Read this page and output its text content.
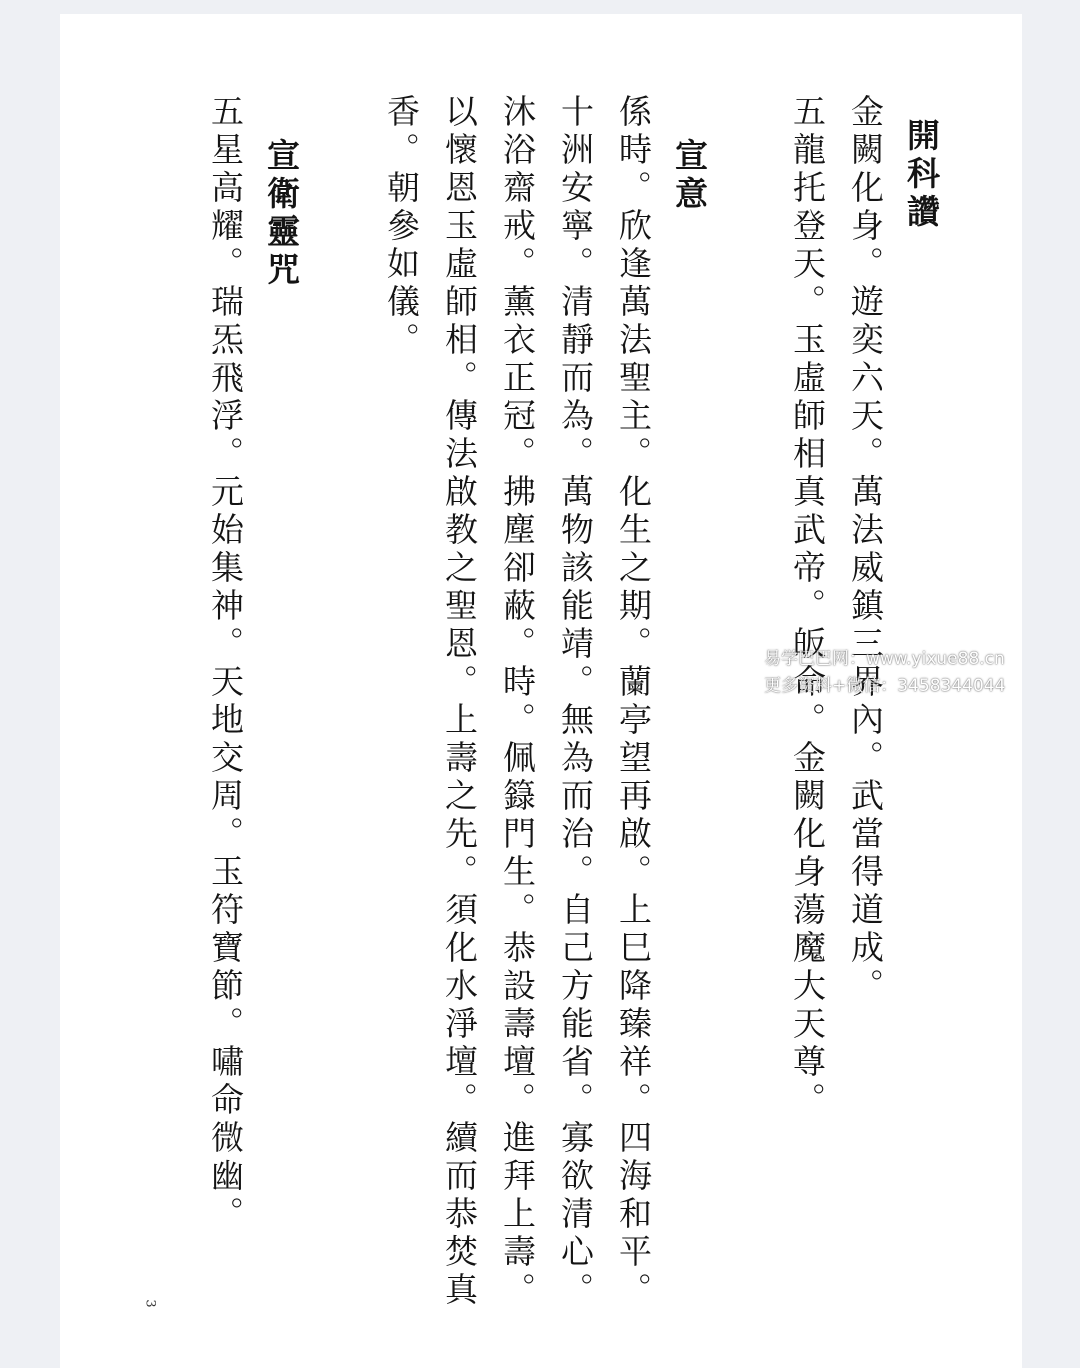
開科讚
金闕化身。遊奕六天。萬法威鎮三界內。武當得道成。
五龍托登天。玉虛師相真武帝。皈命。金闕化身蕩魔大天尊。
宣意
係時。欣逢萬法聖主。化生之期。蘭亭望再啟。上巳降臻祥。四海和平。
十洲安寧。清靜而為。萬物該能靖。無為而治。自己方能省。寡欲清心。
沐浴齋戒。薰衣正冠。拂塵卻蔽。時。佩籙門生。恭設壽壇。進拜上壽。
以懷恩玉虛師相。傳法啟教之聖恩。上壽之先。須化水淨壇。續而恭焚真
香。朝參如儀。
宣衛靈咒
五星高耀。瑞炁飛浮。元始集神。天地交周。玉符寶節。嘯命微幽。
3
易学巴巴网：www.yixue88.cn
更多资料+微信：3458344044
